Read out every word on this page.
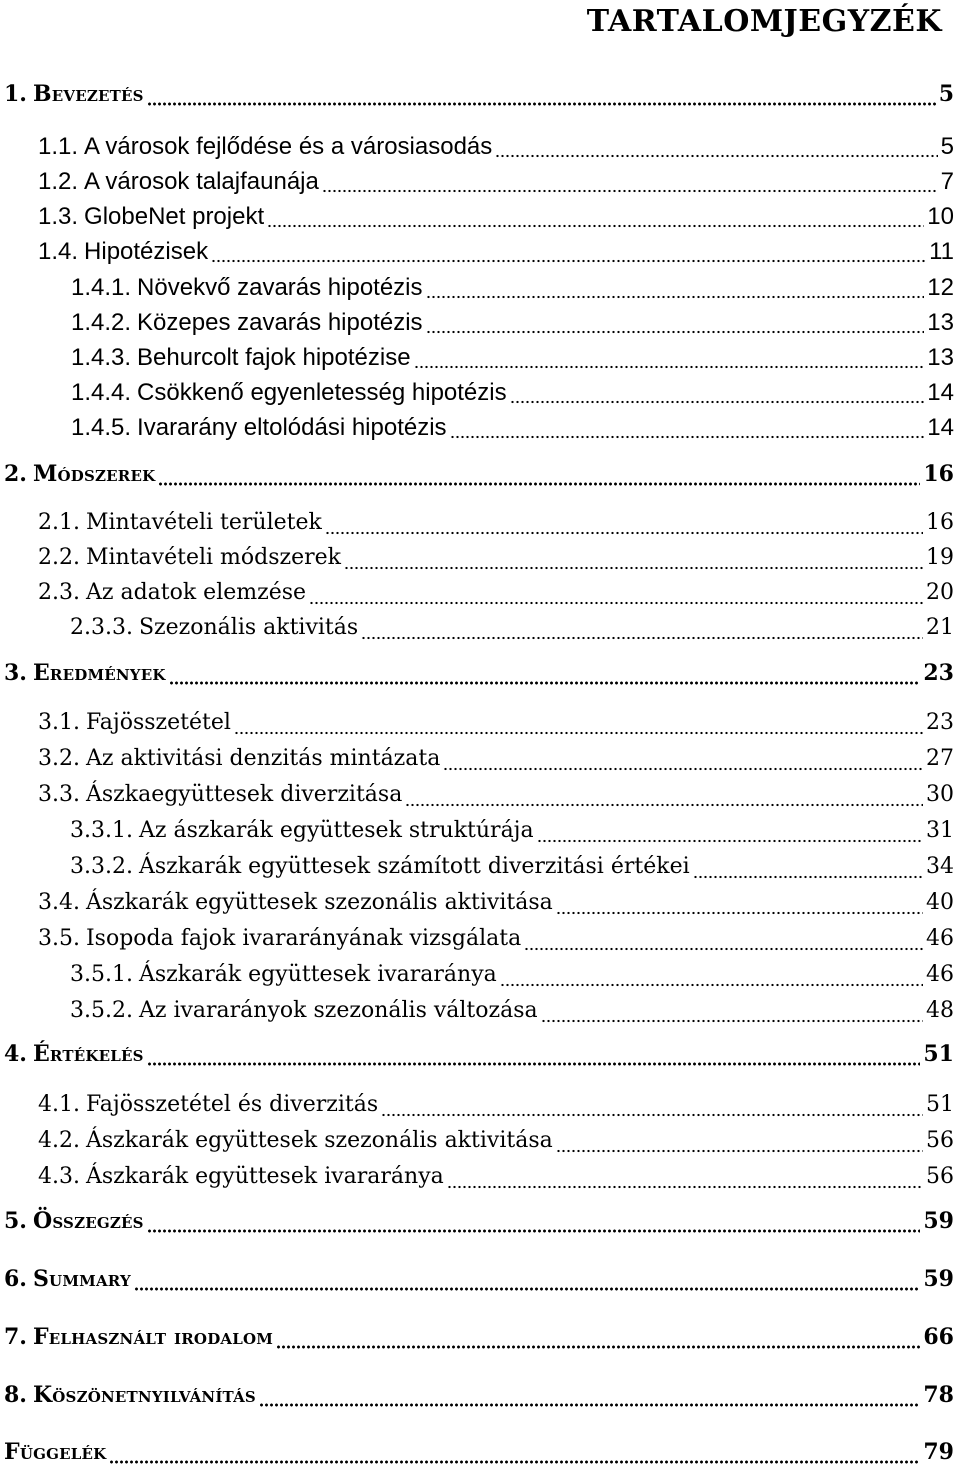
TARTALOMJEGYZÉK
1. Bevezetés	5
1.1. A városok fejlődése és a városiasodás	5
1.2. A városok talajfaunája	7
1.3. GlobeNet projekt	10
1.4. Hipotézisek	11
1.4.1. Növekvő zavarás hipotézis	12
1.4.2. Közepes zavarás hipotézis	13
1.4.3. Behurcolt fajok hipotézise	13
1.4.4. Csökkenő egyenletesség hipotézis	14
1.4.5. Ivararány eltolódási hipotézis	14
2. Módszerek	16
2.1. Mintavételi területek	16
2.2. Mintavételi módszerek	19
2.3. Az adatok elemzése	20
2.3.3. Szezonális aktivitás	21
3. Eredmények	23
3.1. Fajösszetétel	23
3.2. Az aktivitási denzitás mintázata	27
3.3. Ászkaegyüttesek diverzitása	30
3.3.1. Az ászkarák együttesek struktúrája	31
3.3.2. Ászkarák együttesek számított diverzitási értékei	34
3.4. Ászkarák együttesek szezonális aktivitása	40
3.5. Isopoda fajok ivararányának vizsgálata	46
3.5.1. Ászkarák együttesek ivararánya	46
3.5.2. Az ivararányok szezonális változása	48
4. Értékelés	51
4.1. Fajösszetétel és diverzitás	51
4.2. Ászkarák együttesek szezonális aktivitása	56
4.3. Ászkarák együttesek ivararánya	56
5. Összegzés	59
6. Summary	59
7. Felhasznált irodalom	66
8. Köszönetnyilvánítás	78
Függelék	79
